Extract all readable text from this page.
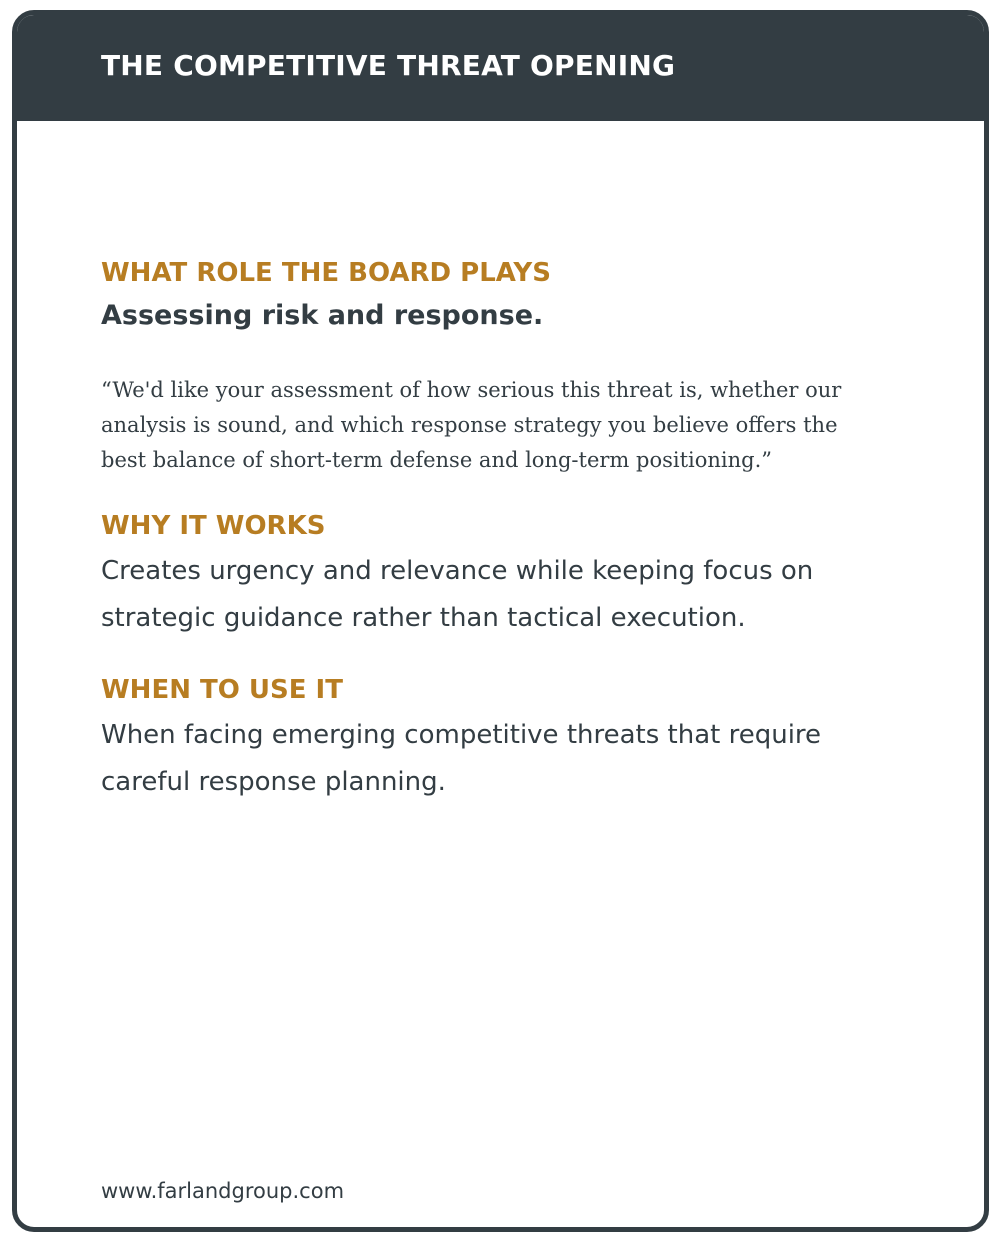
THE COMPETITIVE THREAT OPENING
WHAT ROLE THE BOARD PLAYS

Assessing risk and response.

“We'd like your assessment of how serious this threat is, whether our analysis is sound, and which response strategy you believe offers the best balance of short-term defense and long-term positioning.”

WHY IT WORKS

Creates urgency and relevance while keeping focus on strategic guidance rather than tactical execution.

WHEN TO USE IT

When facing emerging competitive threats that require careful response planning.

www.farlandgroup.com
